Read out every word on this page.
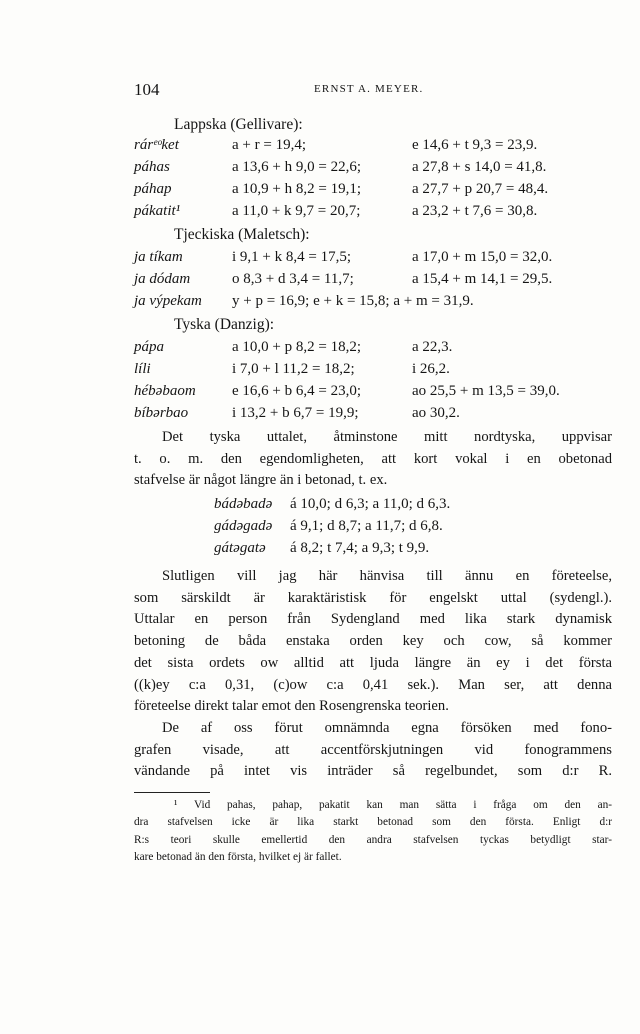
104	ERNST A. MEYER.
Lappska (Gellivare):
rárᵉᵒket	a + r = 19,4;	e 14,6 + t 9,3 = 23,9.
páhas	a 13,6 + h 9,0 = 22,6;	a 27,8 + s 14,0 = 41,8.
páhap	a 10,9 + h 8,2 = 19,1;	a 27,7 + p 20,7 = 48,4.
pákatit¹	a 11,0 + k 9,7 = 20,7;	a 23,2 + t 7,6 = 30,8.
Tjeckiska (Maletsch):
ja tíkam	i 9,1 + k 8,4 = 17,5;	a 17,0 + m 15,0 = 32,0.
ja dódam	o 8,3 + d 3,4 = 11,7;	a 15,4 + m 14,1 = 29,5.
ja výpekam y + p = 16,9; e + k = 15,8; a + m = 31,9.
Tyska (Danzig):
pápa	a 10,0 + p 8,2 = 18,2;	a 22,3.
líli	i 7,0 + l 11,2 = 18,2;	i 26,2.
hébəbaom e 16,6 + b 6,4 = 23,0;	ao 25,5 + m 13,5 = 39,0.
bíbərbao	i 13,2 + b 6,7 = 19,9;	ao 30,2.
Det tyska uttalet, åtminstone mitt nordtyska, uppvisar
t. o. m. den egendomligheten, att kort vokal i en obetonad
stafvelse är något längre än i betonad, t. ex.
bádəbadə á 10,0; d 6,3; a 11,0; d 6,3.
gádəgadə á 9,1; d 8,7; a 11,7; d 6,8.
gátəgatə á 8,2; t 7,4; a 9,3; t 9,9.
Slutligen vill jag här hänvisa till ännu en företeelse,
som särskildt är karaktäristisk för engelskt uttal (sydengl.).
Uttalar en person från Sydengland med lika stark dynamisk
betoning de båda enstaka orden key och cow, så kommer
det sista ordets ow alltid att ljuda längre än ey i det första
((k)ey c:a 0,31, (c)ow c:a 0,41 sek.). Man ser, att denna
företeelse direkt talar emot den Rosengrenska teorien.
De af oss förut omnämnda egna försöken med fono-
grafen visade, att accentförskjutningen vid fonogrammens
vändande på intet vis inträder så regelbundet, som d:r R.
¹ Vid pahas, pahap, pakatit kan man sätta i fråga om den an-
dra stafvelsen icke är lika starkt betonad som den första. Enligt d:r
R:s teori skulle emellertid den andra stafvelsen tyckas betydligt star-
kare betonad än den första, hvilket ej är fallet.
